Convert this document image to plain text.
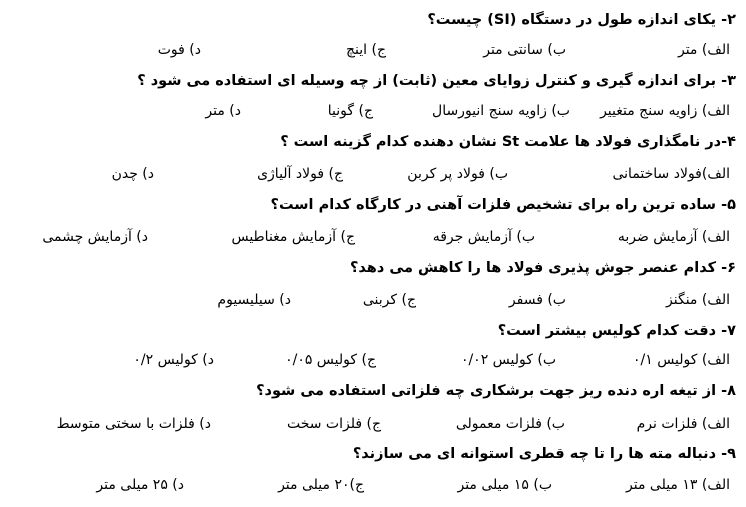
۲- یکای اندازه طول در دستگاه (SI) چیست؟
الف) متر
ب) سانتی متر
ج) اینچ
د) فوت
۳- برای اندازه گیری و کنترل زوایای معین (ثابت) از چه وسیله ای استفاده می شود ؟
الف) زاویه سنج متغییر
ب) زاویه سنج انیورسال
ج) گونیا
د) متر
۴-در نامگذاری فولاد ها علامت St نشان دهنده کدام گزینه است ؟
الف)فولاد ساختمانی
ب) فولاد پر کربن
ج) فولاد آلیاژی
د) چدن
۵- ساده ترین راه برای تشخیص فلزات آهنی در کارگاه کدام است؟
الف) آزمایش ضربه
ب) آزمایش جرقه
ج) آزمایش مغناطیس
د) آزمایش چشمی
۶- کدام عنصر جوش پذیری فولاد ها را کاهش می دهد؟
الف) منگنز
ب) فسفر
ج) کربنی
د) سیلیسیوم
۷- دقت کدام کولیس بیشتر است؟
الف) کولیس ۰/۱
ب) کولیس ۰/۰۲
ج) کولیس ۰/۰۵
د) کولیس ۰/۲
۸- از تیغه اره دنده ریز جهت برشکاری چه فلزاتی استفاده می شود؟
الف) فلزات نرم
ب) فلزات معمولی
ج) فلزات سخت
د) فلزات با سختی متوسط
۹- دنباله مته ها را تا چه قطری استوانه ای می سازند؟
الف) ۱۳ میلی متر
ب) ۱۵ میلی متر
ج)۲۰ میلی متر
د) ۲۵ میلی متر
